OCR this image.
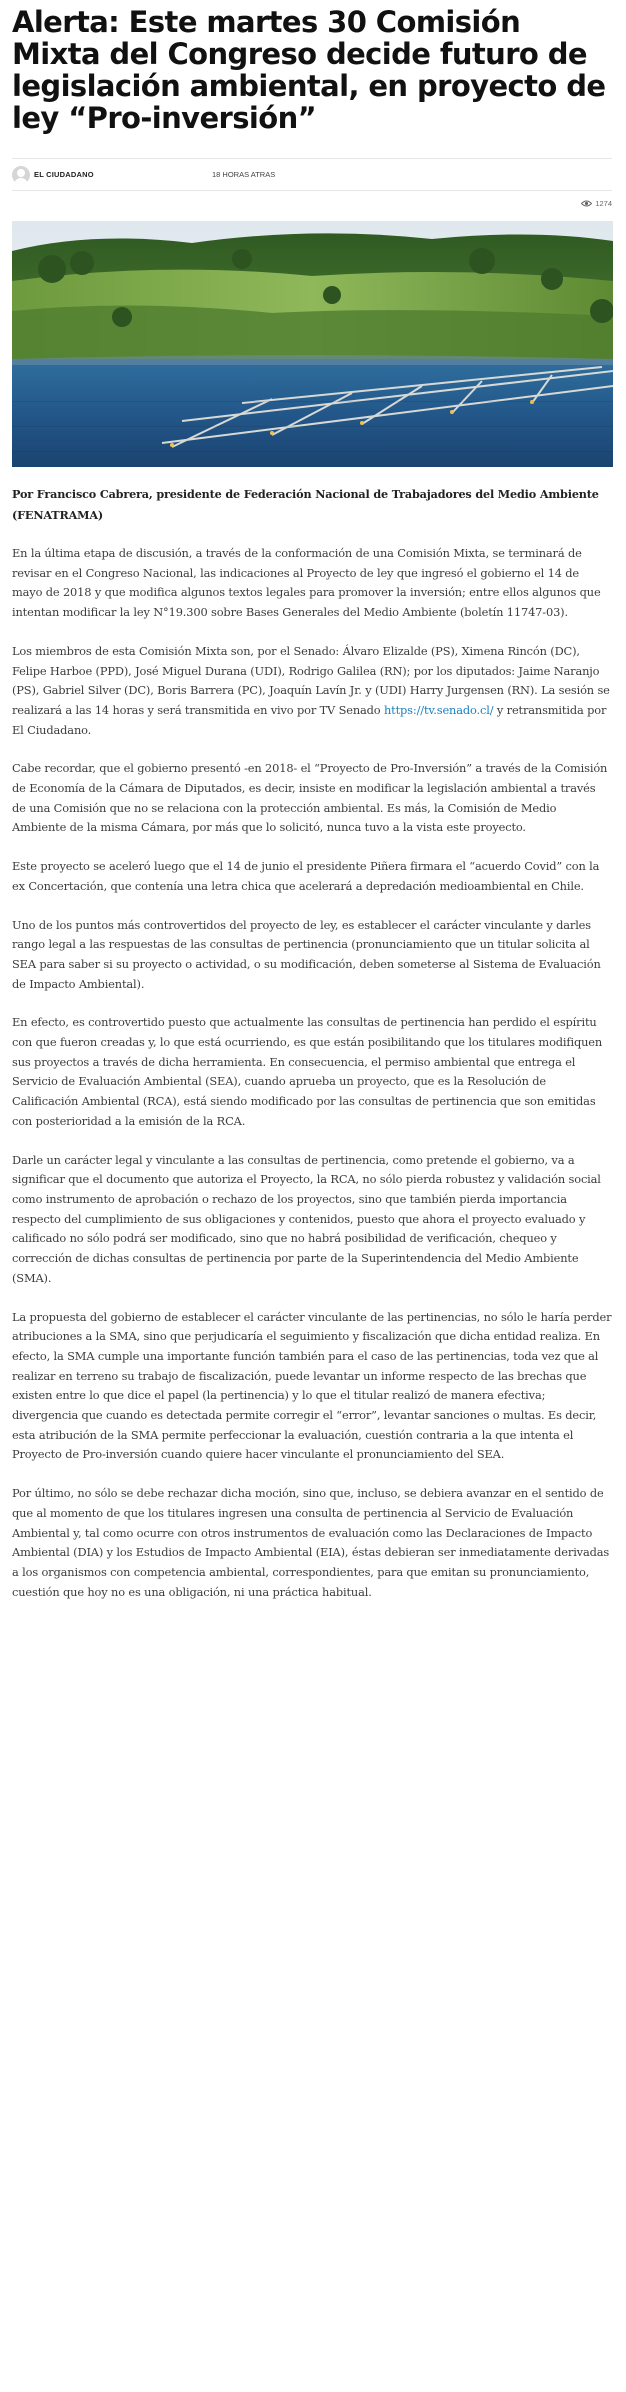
Alerta: Este martes 30 Comisión Mixta del Congreso decide futuro de legislación ambiental, en proyecto de ley “Pro-inversión”
EL CIUDADANO	18 HORAS ATRAS
1274

Por Francisco Cabrera, presidente de Federación Nacional de Trabajadores del Medio Ambiente (FENATRAMA)

En la última etapa de discusión, a través de la conformación de una Comisión Mixta, se terminará de revisar en el Congreso Nacional, las indicaciones al Proyecto de ley que ingresó el gobierno el 14 de mayo de 2018 y que modifica algunos textos legales para promover la inversión; entre ellos algunos que intentan modificar la ley N°19.300 sobre Bases Generales del Medio Ambiente (boletín 11747-03).

Los miembros de esta Comisión Mixta son, por el Senado: Álvaro Elizalde (PS), Ximena Rincón (DC), Felipe Harboe (PPD), José Miguel Durana (UDI), Rodrigo Galilea (RN); por los diputados: Jaime Naranjo (PS), Gabriel Silver (DC), Boris Barrera (PC), Joaquín Lavín Jr. y (UDI) Harry Jurgensen (RN). La sesión se realizará a las 14 horas y será transmitida en vivo por TV Senado https://tv.senado.cl/ y retransmitida por El Ciudadano.

Cabe recordar, que el gobierno presentó -en 2018- el “Proyecto de Pro-Inversión” a través de la Comisión de Economía de la Cámara de Diputados, es decir, insiste en modificar la legislación ambiental a través de una Comisión que no se relaciona con la protección ambiental. Es más, la Comisión de Medio Ambiente de la misma Cámara, por más que lo solicitó, nunca tuvo a la vista este proyecto.

Este proyecto se aceleró luego que el 14 de junio el presidente Piñera firmara el “acuerdo Covid” con la ex Concertación, que contenía una letra chica que acelerará a depredación medioambiental en Chile.

Uno de los puntos más controvertidos del proyecto de ley, es establecer el carácter vinculante y darles rango legal a las respuestas de las consultas de pertinencia (pronunciamiento que un titular solicita al SEA para saber si su proyecto o actividad, o su modificación, deben someterse al Sistema de Evaluación de Impacto Ambiental).

En efecto, es controvertido puesto que actualmente las consultas de pertinencia han perdido el espíritu con que fueron creadas y, lo que está ocurriendo, es que están posibilitando que los titulares modifiquen sus proyectos a través de dicha herramienta. En consecuencia, el permiso ambiental que entrega el Servicio de Evaluación Ambiental (SEA), cuando aprueba un proyecto, que es la Resolución de Calificación Ambiental (RCA), está siendo modificado por las consultas de pertinencia que son emitidas con posterioridad a la emisión de la RCA.

Darle un carácter legal y vinculante a las consultas de pertinencia, como pretende el gobierno, va a significar que el documento que autoriza el Proyecto, la RCA, no sólo pierda robustez y validación social como instrumento de aprobación o rechazo de los proyectos, sino que también pierda importancia respecto del cumplimiento de sus obligaciones y contenidos, puesto que ahora el proyecto evaluado y calificado no sólo podrá ser modificado, sino que no habrá posibilidad de verificación, chequeo y corrección de dichas consultas de pertinencia por parte de la Superintendencia del Medio Ambiente (SMA).

La propuesta del gobierno de establecer el carácter vinculante de las pertinencias, no sólo le haría perder atribuciones a la SMA, sino que perjudicaría el seguimiento y fiscalización que dicha entidad realiza. En efecto, la SMA cumple una importante función también para el caso de las pertinencias, toda vez que al realizar en terreno su trabajo de fiscalización, puede levantar un informe respecto de las brechas que existen entre lo que dice el papel (la pertinencia) y lo que el titular realizó de manera efectiva; divergencia que cuando es detectada permite corregir el “error”, levantar sanciones o multas. Es decir, esta atribución de la SMA permite perfeccionar la evaluación, cuestión contraria a la que intenta el Proyecto de Pro-inversión cuando quiere hacer vinculante el pronunciamiento del SEA.

Por último, no sólo se debe rechazar dicha moción, sino que, incluso, se debiera avanzar en el sentido de que al momento de que los titulares ingresen una consulta de pertinencia al Servicio de Evaluación Ambiental y, tal como ocurre con otros instrumentos de evaluación como las Declaraciones de Impacto Ambiental (DIA) y los Estudios de Impacto Ambiental (EIA), éstas debieran ser inmediatamente derivadas a los organismos con competencia ambiental, correspondientes, para que emitan su pronunciamiento, cuestión que hoy no es una obligación, ni una práctica habitual.
